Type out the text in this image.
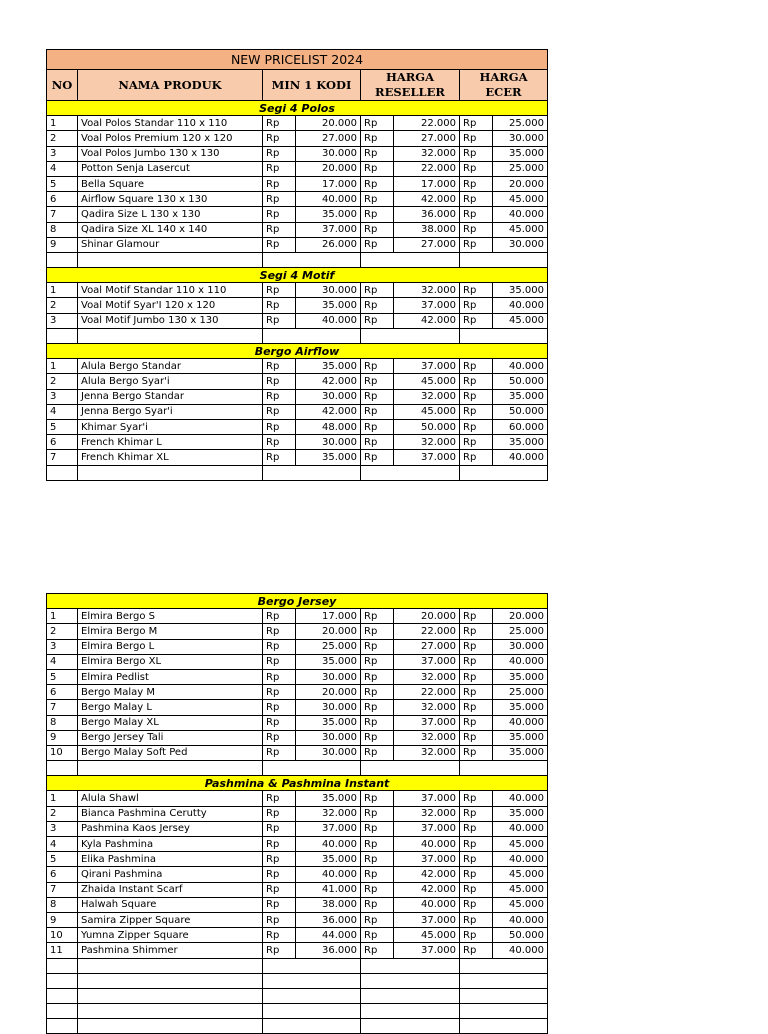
NEW PRICELIST 2024							
NO	NAMA PRODUK	MIN 1 KODI		HARGA RESELLER		HARGA ECER	
Segi 4 Polos							
1	Voal Polos Standar 110 x 110	Rp	20.000	Rp	22.000	Rp	25.000
2	Voal Polos Premium 120 x 120	Rp	27.000	Rp	27.000	Rp	30.000
3	Voal Polos Jumbo 130 x 130	Rp	30.000	Rp	32.000	Rp	35.000
4	Potton Senja Lasercut	Rp	20.000	Rp	22.000	Rp	25.000
5	Bella Square	Rp	17.000	Rp	17.000	Rp	20.000
6	Airflow Square 130 x 130	Rp	40.000	Rp	42.000	Rp	45.000
7	Qadira Size L 130 x 130	Rp	35.000	Rp	36.000	Rp	40.000
8	Qadira Size XL 140 x 140	Rp	37.000	Rp	38.000	Rp	45.000
9	Shinar Glamour	Rp	26.000	Rp	27.000	Rp	30.000

Segi 4 Motif							
1	Voal Motif Standar 110 x 110	Rp	30.000	Rp	32.000	Rp	35.000
2	Voal Motif Syar'I 120 x 120	Rp	35.000	Rp	37.000	Rp	40.000
3	Voal Motif Jumbo 130 x 130	Rp	40.000	Rp	42.000	Rp	45.000

Bergo Airflow							
1	Alula Bergo Standar	Rp	35.000	Rp	37.000	Rp	40.000
2	Alula Bergo Syar'i	Rp	42.000	Rp	45.000	Rp	50.000
3	Jenna Bergo Standar	Rp	30.000	Rp	32.000	Rp	35.000
4	Jenna Bergo Syar'i	Rp	42.000	Rp	45.000	Rp	50.000
5	Khimar Syar'i	Rp	48.000	Rp	50.000	Rp	60.000
6	French Khimar L	Rp	30.000	Rp	32.000	Rp	35.000
7	French Khimar XL	Rp	35.000	Rp	37.000	Rp	40.000

Bergo Jersey							
1	Elmira Bergo S	Rp	17.000	Rp	20.000	Rp	20.000
2	Elmira Bergo M	Rp	20.000	Rp	22.000	Rp	25.000
3	Elmira Bergo L	Rp	25.000	Rp	27.000	Rp	30.000
4	Elmira Bergo XL	Rp	35.000	Rp	37.000	Rp	40.000
5	Elmira Pedlist	Rp	30.000	Rp	32.000	Rp	35.000
6	Bergo Malay M	Rp	20.000	Rp	22.000	Rp	25.000
7	Bergo Malay L	Rp	30.000	Rp	32.000	Rp	35.000
8	Bergo Malay XL	Rp	35.000	Rp	37.000	Rp	40.000
9	Bergo Jersey Tali	Rp	30.000	Rp	32.000	Rp	35.000
10	Bergo Malay Soft Ped	Rp	30.000	Rp	32.000	Rp	35.000

Pashmina & Pashmina Instant							
1	Alula Shawl	Rp	35.000	Rp	37.000	Rp	40.000
2	Bianca Pashmina Cerutty	Rp	32.000	Rp	32.000	Rp	35.000
3	Pashmina Kaos Jersey	Rp	37.000	Rp	37.000	Rp	40.000
4	Kyla Pashmina	Rp	40.000	Rp	40.000	Rp	45.000
5	Elika Pashmina	Rp	35.000	Rp	37.000	Rp	40.000
6	Qirani Pashmina	Rp	40.000	Rp	42.000	Rp	45.000
7	Zhaida Instant Scarf	Rp	41.000	Rp	42.000	Rp	45.000
8	Halwah Square	Rp	38.000	Rp	40.000	Rp	45.000
9	Samira Zipper Square	Rp	36.000	Rp	37.000	Rp	40.000
10	Yumna Zipper Square	Rp	44.000	Rp	45.000	Rp	50.000
11	Pashmina Shimmer	Rp	36.000	Rp	37.000	Rp	40.000
